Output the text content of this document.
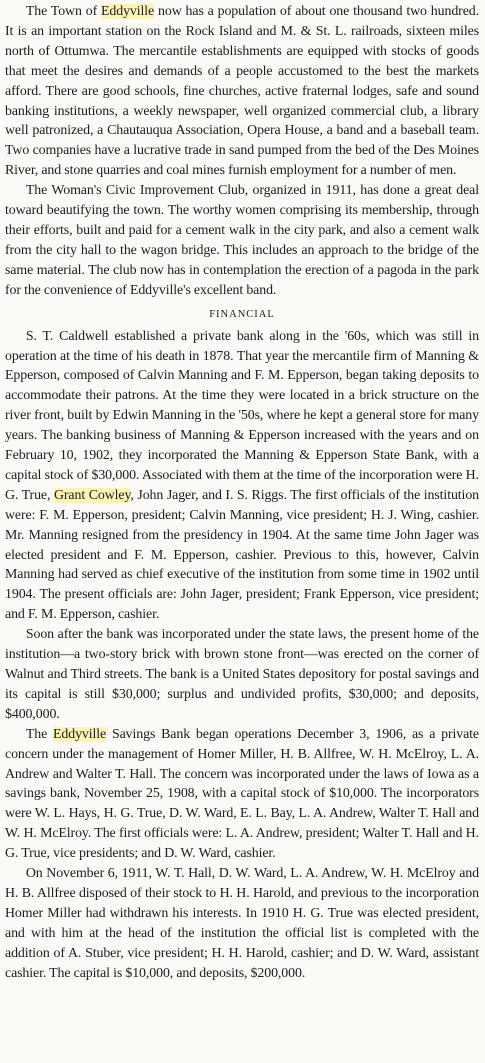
The Town of Eddyville now has a population of about one thousand two hundred. It is an important station on the Rock Island and M. & St. L. railroads, sixteen miles north of Ottumwa. The mercantile establishments are equipped with stocks of goods that meet the desires and demands of a people accustomed to the best the markets afford. There are good schools, fine churches, active fraternal lodges, safe and sound banking institutions, a weekly newspaper, well organized commercial club, a library well patronized, a Chautauqua Association, Opera House, a band and a baseball team. Two companies have a lucrative trade in sand pumped from the bed of the Des Moines River, and stone quarries and coal mines furnish employment for a number of men.

The Woman's Civic Improvement Club, organized in 1911, has done a great deal toward beautifying the town. The worthy women comprising its membership, through their efforts, built and paid for a cement walk in the city park, and also a cement walk from the city hall to the wagon bridge. This includes an approach to the bridge of the same material. The club now has in contemplation the erection of a pagoda in the park for the convenience of Eddyville's excellent band.

FINANCIAL

S. T. Caldwell established a private bank along in the '60s, which was still in operation at the time of his death in 1878. That year the mercantile firm of Manning & Epperson, composed of Calvin Manning and F. M. Epperson, began taking deposits to accommodate their patrons. At the time they were located in a brick structure on the river front, built by Edwin Manning in the '50s, where he kept a general store for many years. The banking business of Manning & Epperson increased with the years and on February 10, 1902, they incorporated the Manning & Epperson State Bank, with a capital stock of $30,000. Associated with them at the time of the incorporation were H. G. True, Grant Cowley, John Jager, and I. S. Riggs. The first officials of the institution were: F. M. Epperson, president; Calvin Manning, vice president; H. J. Wing, cashier. Mr. Manning resigned from the presidency in 1904. At the same time John Jager was elected president and F. M. Epperson, cashier. Previous to this, however, Calvin Manning had served as chief executive of the institution from some time in 1902 until 1904. The present officials are: John Jager, president; Frank Epperson, vice president; and F. M. Epperson, cashier.

Soon after the bank was incorporated under the state laws, the present home of the institution—a two-story brick with brown stone front—was erected on the corner of Walnut and Third streets. The bank is a United States depository for postal savings and its capital is still $30,000; surplus and undivided profits, $30,000; and deposits, $400,000.

The Eddyville Savings Bank began operations December 3, 1906, as a private concern under the management of Homer Miller, H. B. Allfree, W. H. McElroy, L. A. Andrew and Walter T. Hall. The concern was incorporated under the laws of Iowa as a savings bank, November 25, 1908, with a capital stock of $10,000. The incorporators were W. L. Hays, H. G. True, D. W. Ward, E. L. Bay, L. A. Andrew, Walter T. Hall and W. H. McElroy. The first officials were: L. A. Andrew, president; Walter T. Hall and H. G. True, vice presidents; and D. W. Ward, cashier.

On November 6, 1911, W. T. Hall, D. W. Ward, L. A. Andrew, W. H. McElroy and H. B. Allfree disposed of their stock to H. H. Harold, and previous to the incorporation Homer Miller had withdrawn his interests. In 1910 H. G. True was elected president, and with him at the head of the institution the official list is completed with the addition of A. Stuber, vice president; H. H. Harold, cashier; and D. W. Ward, assistant cashier. The capital is $10,000, and deposits, $200,000.
